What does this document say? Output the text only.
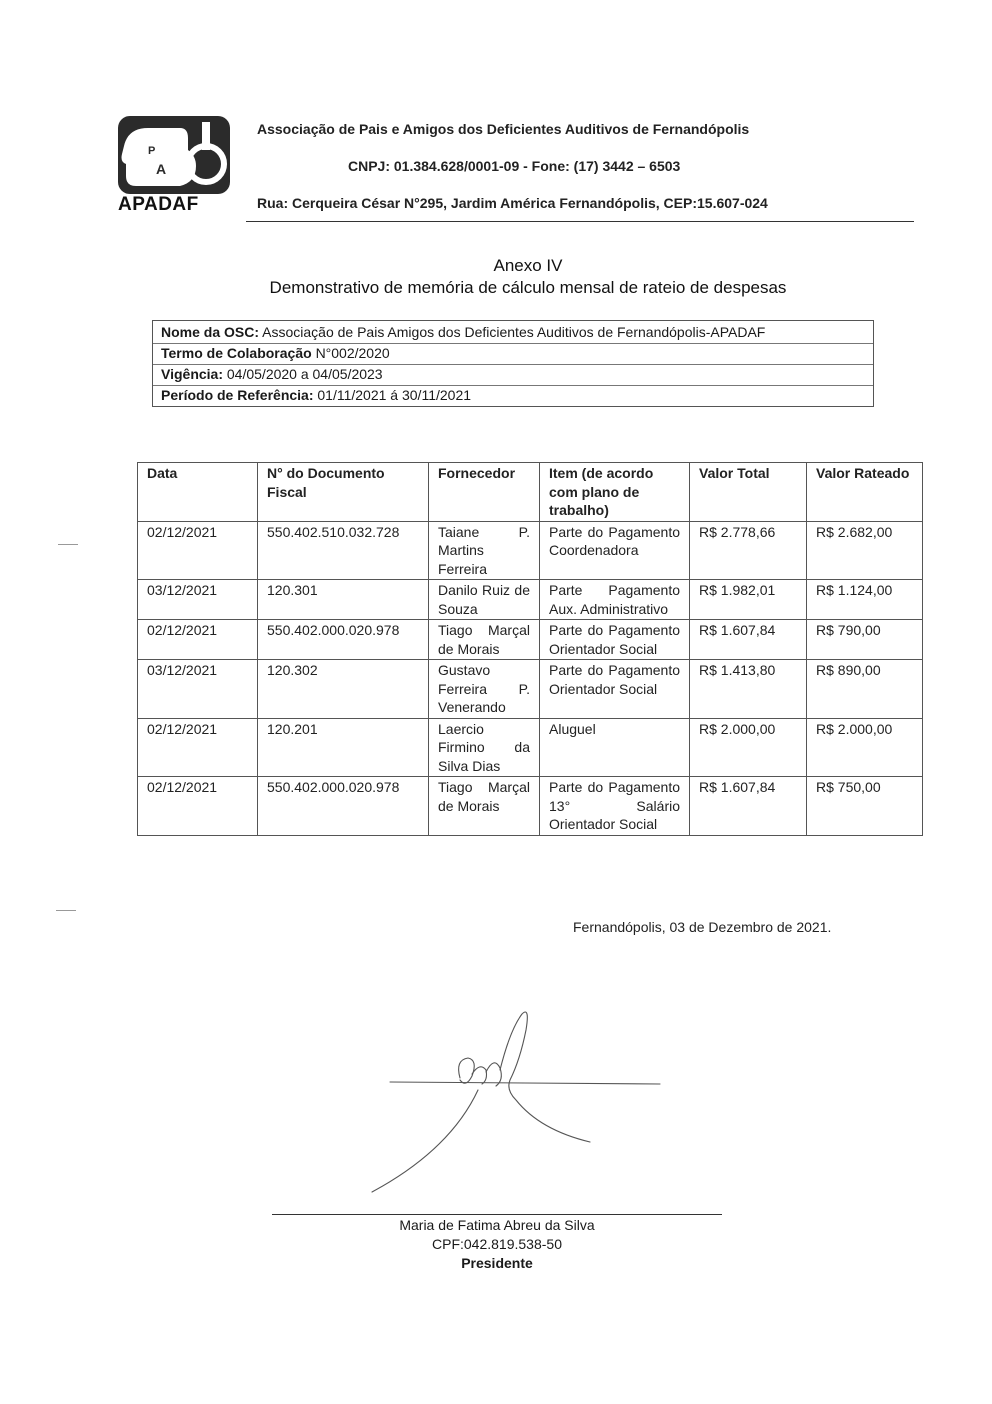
P
A
APADAF
Associação de Pais e Amigos dos Deficientes Auditivos de Fernandópolis
CNPJ: 01.384.628/0001-09 - Fone: (17) 3442 – 6503
Rua: Cerqueira César N°295, Jardim América Fernandópolis, CEP:15.607-024
Anexo IV
Demonstrativo de memória de cálculo mensal de rateio de despesas
Nome da OSC: Associação de Pais Amigos dos Deficientes Auditivos de Fernandópolis-APADAF
Termo de Colaboração N°002/2020
Vigência: 04/05/2020 a 04/05/2023
Período de Referência: 01/11/2021 á 30/11/2021
Data	N° do Documento Fiscal	Fornecedor	Item (de acordo com plano de trabalho)	Valor Total	Valor Rateado
02/12/2021	550.402.510.032.728	Taiane P. Martins Ferreira	Parte do Pagamento Coordenadora	R$ 2.778,66	R$ 2.682,00
03/12/2021	120.301	Danilo Ruiz de Souza	Parte Pagamento Aux. Administrativo	R$ 1.982,01	R$ 1.124,00
02/12/2021	550.402.000.020.978	Tiago Marçal de Morais	Parte do Pagamento Orientador Social	R$ 1.607,84	R$ 790,00
03/12/2021	120.302	Gustavo Ferreira P. Venerando	Parte do Pagamento Orientador Social	R$ 1.413,80	R$ 890,00
02/12/2021	120.201	Laercio Firmino da Silva Dias	Aluguel	R$ 2.000,00	R$ 2.000,00
02/12/2021	550.402.000.020.978	Tiago Marçal de Morais	Parte do Pagamento 13° Salário Orientador Social	R$ 1.607,84	R$ 750,00
Fernandópolis, 03 de Dezembro de 2021.
Maria de Fatima Abreu da Silva
CPF:042.819.538-50
Presidente
